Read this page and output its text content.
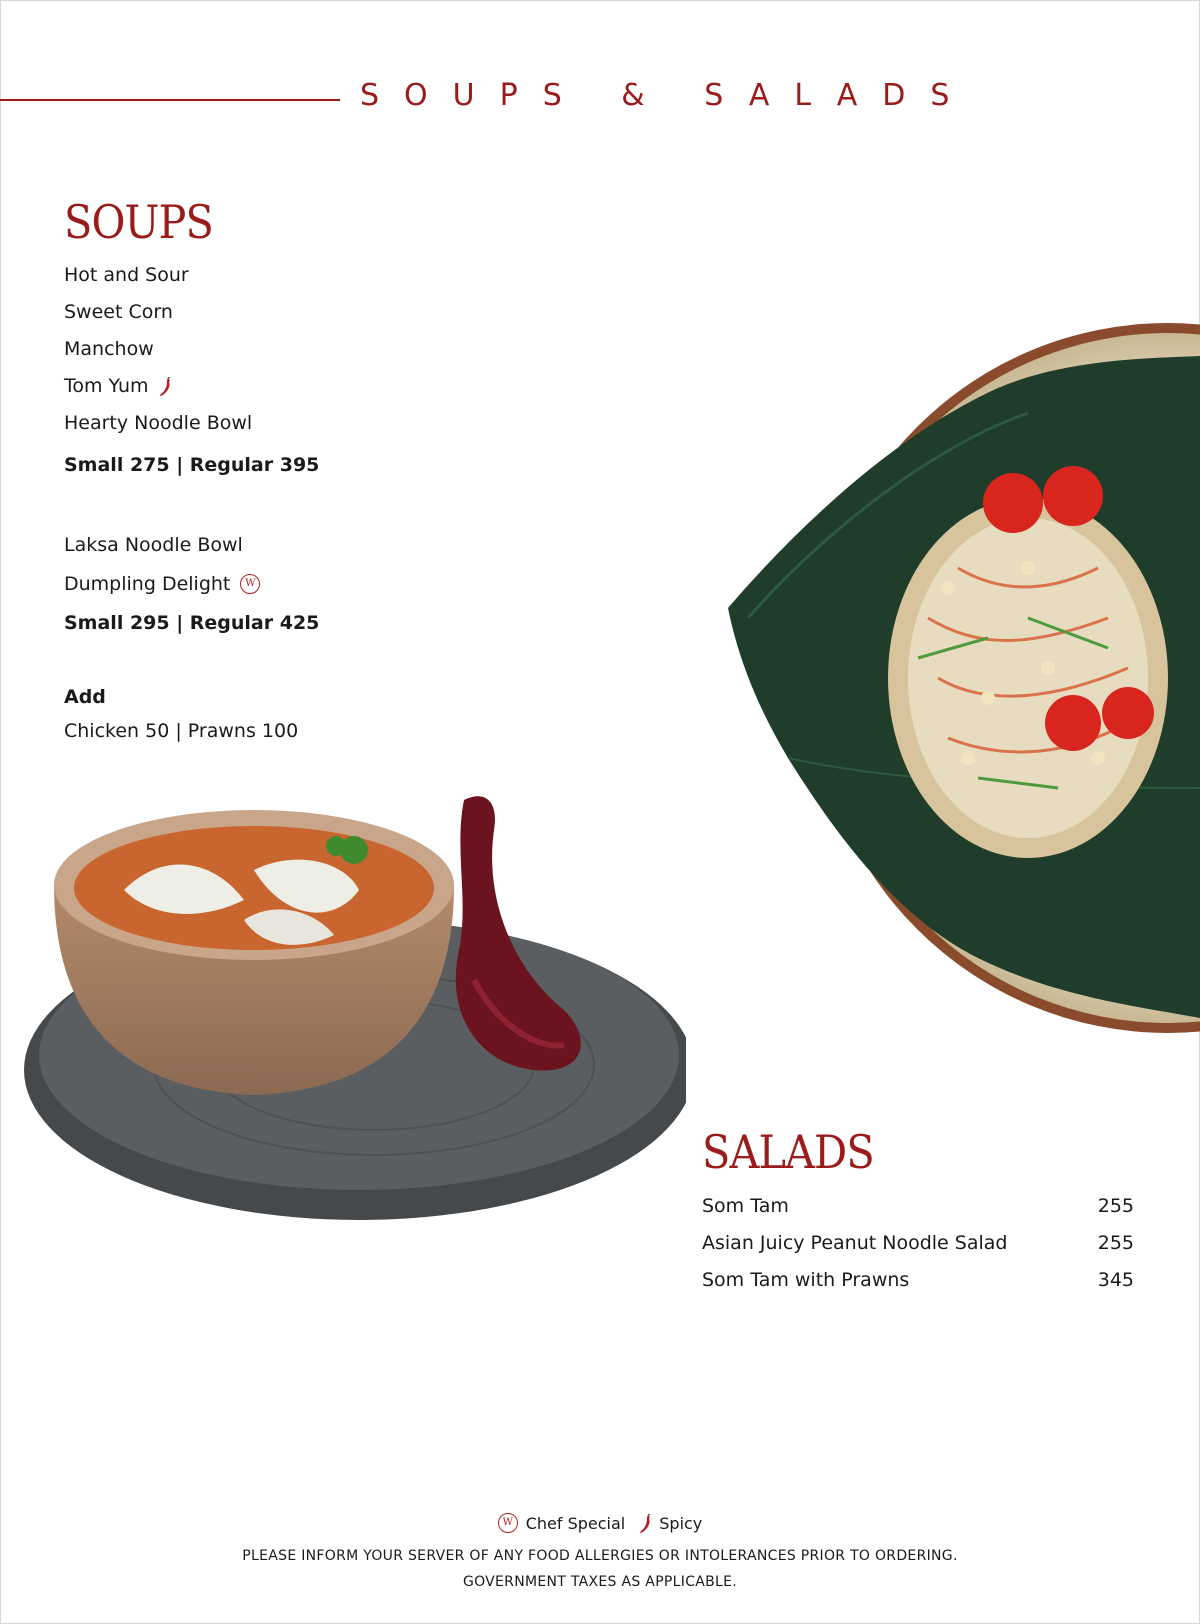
SOUPS & SALADS
SOUPS
Hot and Sour
Sweet Corn
Manchow
Tom Yum
Hearty Noodle Bowl
Small 275 | Regular 395
Laksa Noodle Bowl
Dumpling Delight	W
Small 295 | Regular 425
Add
Chicken 50 | Prawns 100
SALADS
Som Tam	255
Asian Juicy Peanut Noodle Salad	255
Som Tam with Prawns	345
W Chef Special Spicy
PLEASE INFORM YOUR SERVER OF ANY FOOD ALLERGIES OR INTOLERANCES PRIOR TO ORDERING.
GOVERNMENT TAXES AS APPLICABLE.
